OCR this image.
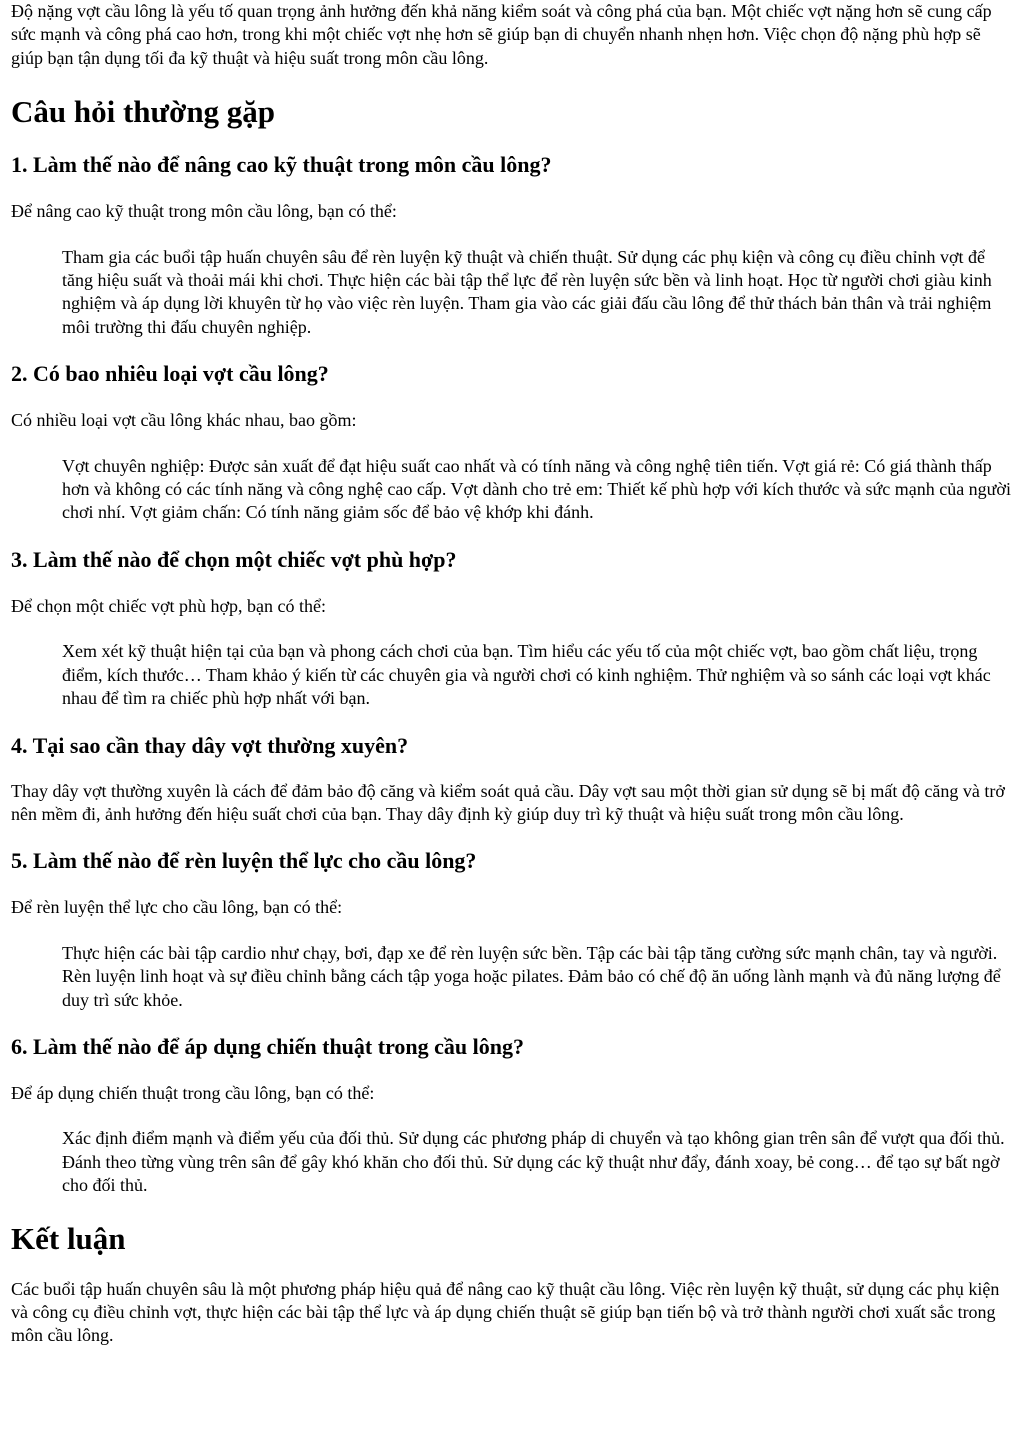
Độ nặng vợt cầu lông là yếu tố quan trọng ảnh hưởng đến khả năng kiểm soát và công phá của bạn. Một chiếc vợt nặng hơn sẽ cung cấp sức mạnh và công phá cao hơn, trong khi một chiếc vợt nhẹ hơn sẽ giúp bạn di chuyển nhanh nhẹn hơn. Việc chọn độ nặng phù hợp sẽ giúp bạn tận dụng tối đa kỹ thuật và hiệu suất trong môn cầu lông.

Câu hỏi thường gặp
1. Làm thế nào để nâng cao kỹ thuật trong môn cầu lông?

Để nâng cao kỹ thuật trong môn cầu lông, bạn có thể:

Tham gia các buổi tập huấn chuyên sâu để rèn luyện kỹ thuật và chiến thuật. Sử dụng các phụ kiện và công cụ điều chỉnh vợt để tăng hiệu suất và thoải mái khi chơi. Thực hiện các bài tập thể lực để rèn luyện sức bền và linh hoạt. Học từ người chơi giàu kinh nghiệm và áp dụng lời khuyên từ họ vào việc rèn luyện. Tham gia vào các giải đấu cầu lông để thử thách bản thân và trải nghiệm môi trường thi đấu chuyên nghiệp.

2. Có bao nhiêu loại vợt cầu lông?

Có nhiều loại vợt cầu lông khác nhau, bao gồm:

Vợt chuyên nghiệp: Được sản xuất để đạt hiệu suất cao nhất và có tính năng và công nghệ tiên tiến. Vợt giá rẻ: Có giá thành thấp hơn và không có các tính năng và công nghệ cao cấp. Vợt dành cho trẻ em: Thiết kế phù hợp với kích thước và sức mạnh của người chơi nhí. Vợt giảm chấn: Có tính năng giảm sốc để bảo vệ khớp khi đánh.

3. Làm thế nào để chọn một chiếc vợt phù hợp?

Để chọn một chiếc vợt phù hợp, bạn có thể:

Xem xét kỹ thuật hiện tại của bạn và phong cách chơi của bạn. Tìm hiểu các yếu tố của một chiếc vợt, bao gồm chất liệu, trọng điểm, kích thước… Tham khảo ý kiến từ các chuyên gia và người chơi có kinh nghiệm. Thử nghiệm và so sánh các loại vợt khác nhau để tìm ra chiếc phù hợp nhất với bạn.

4. Tại sao cần thay dây vợt thường xuyên?

Thay dây vợt thường xuyên là cách để đảm bảo độ căng và kiểm soát quả cầu. Dây vợt sau một thời gian sử dụng sẽ bị mất độ căng và trở nên mềm đi, ảnh hưởng đến hiệu suất chơi của bạn. Thay dây định kỳ giúp duy trì kỹ thuật và hiệu suất trong môn cầu lông.

5. Làm thế nào để rèn luyện thể lực cho cầu lông?

Để rèn luyện thể lực cho cầu lông, bạn có thể:

Thực hiện các bài tập cardio như chạy, bơi, đạp xe để rèn luyện sức bền. Tập các bài tập tăng cường sức mạnh chân, tay và người. Rèn luyện linh hoạt và sự điều chỉnh bằng cách tập yoga hoặc pilates. Đảm bảo có chế độ ăn uống lành mạnh và đủ năng lượng để duy trì sức khỏe.

6. Làm thế nào để áp dụng chiến thuật trong cầu lông?

Để áp dụng chiến thuật trong cầu lông, bạn có thể:

Xác định điểm mạnh và điểm yếu của đối thủ. Sử dụng các phương pháp di chuyển và tạo không gian trên sân để vượt qua đối thủ. Đánh theo từng vùng trên sân để gây khó khăn cho đối thủ. Sử dụng các kỹ thuật như đẩy, đánh xoay, bẻ cong… để tạo sự bất ngờ cho đối thủ.

Kết luận

Các buổi tập huấn chuyên sâu là một phương pháp hiệu quả để nâng cao kỹ thuật cầu lông. Việc rèn luyện kỹ thuật, sử dụng các phụ kiện và công cụ điều chỉnh vợt, thực hiện các bài tập thể lực và áp dụng chiến thuật sẽ giúp bạn tiến bộ và trở thành người chơi xuất sắc trong môn cầu lông.
